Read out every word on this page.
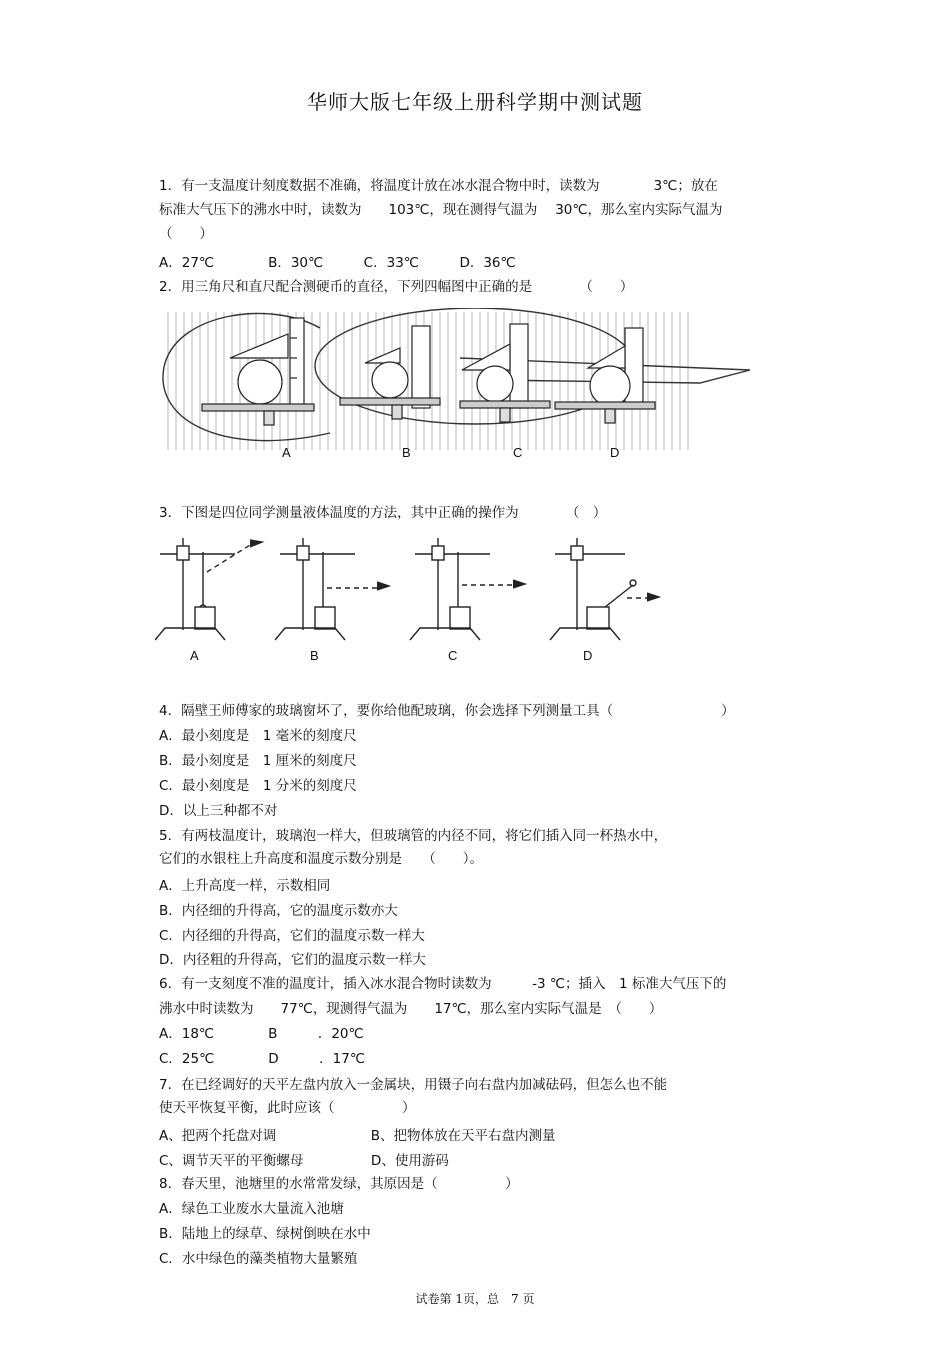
华师大版七年级上册科学期中测试题
1．有一支温度计刻度数据不准确，将温度计放在冰水混合物中时，读数为　　　　3℃；放在
标准大气压下的沸水中时，读数为　　103℃，现在测得气温为　 30℃，那么室内实际气温为
（　　）
A．27℃　　　　B．30℃　　　C．33℃　　　D．36℃
2．用三角尺和直尺配合测硬币的直径，下列四幅图中正确的是　　　　（　　）
A	B	C	D
3．下图是四位同学测量液体温度的方法，其中正确的操作为　　　　（　）
A	B	C	D
4．隔壁王师傅家的玻璃窗坏了，要你给他配玻璃，你会选择下列测量工具（　　　　　　　　）
A．最小刻度是　1 毫米的刻度尺
B．最小刻度是　1 厘米的刻度尺
C．最小刻度是　1 分米的刻度尺
D．以上三种都不对
5．有两枝温度计，玻璃泡一样大，但玻璃管的内径不同，将它们插入同一杯热水中，
它们的水银柱上升高度和温度示数分别是　　（　　）。
A．上升高度一样，示数相同
B．内径细的升得高，它的温度示数亦大
C．内径细的升得高，它们的温度示数一样大
D．内径粗的升得高，它们的温度示数一样大
6．有一支刻度不准的温度计，插入冰水混合物时读数为　　　-3 ℃；插入　1 标准大气压下的
沸水中时读数为　　77℃，现测得气温为　　17℃，那么室内实际气温是　（　　）
A．18℃　　　　B　　　．20℃
C．25℃　　　　D　　　．17℃
7．在已经调好的天平左盘内放入一金属块，用镊子向右盘内加减砝码，但怎么也不能
使天平恢复平衡，此时应该（　　　　　）
A、把两个托盘对调　　　　　　　B、把物体放在天平右盘内测量
C、调节天平的平衡螺母　　　　　D、使用游码
8．春天里，池塘里的水常常发绿，其原因是（　　　　　）
A．绿色工业废水大量流入池塘
B．陆地上的绿草、绿树倒映在水中
C．水中绿色的藻类植物大量繁殖
试卷第 1页，总　7 页
